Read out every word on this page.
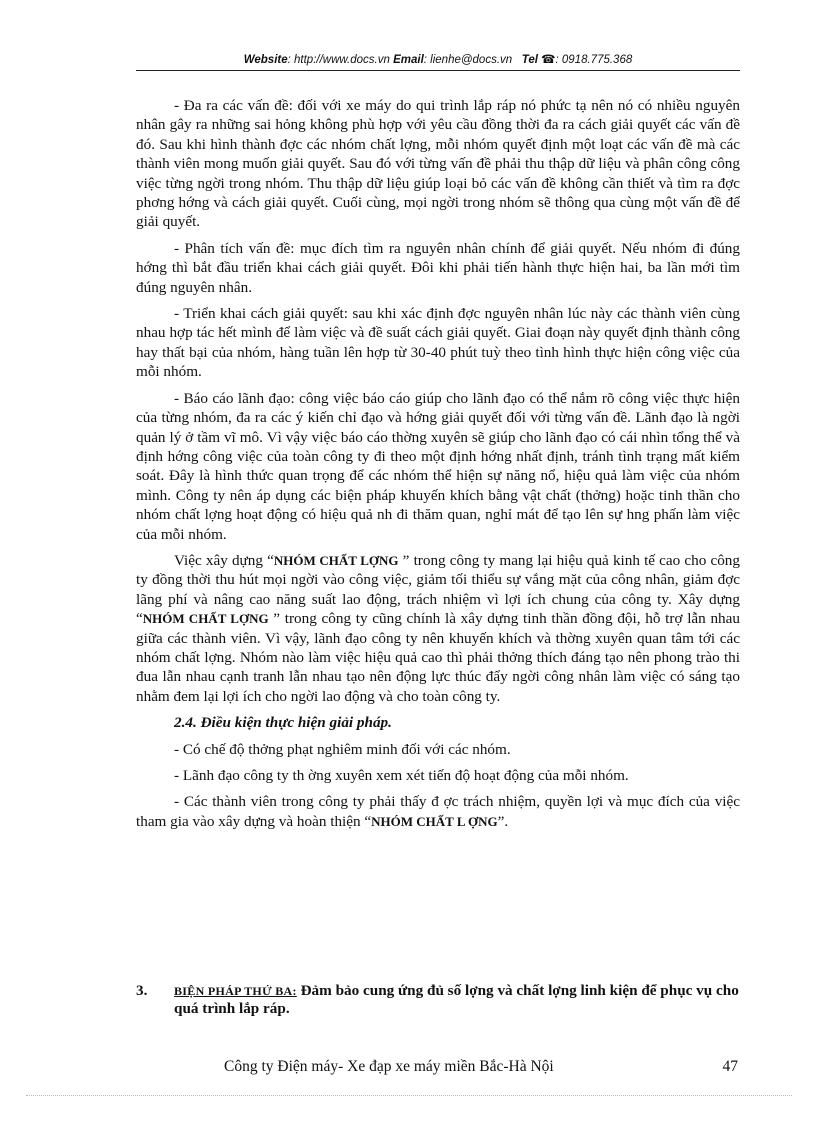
Website: http://www.docs.vn Email: lienhe@docs.vn Tel ☎: 0918.775.368

- Đa ra các vấn đề: đối với xe máy do qui trình lắp ráp nó phức tạ nên nó có nhiều nguyên nhân gây ra những sai hỏng không phù hợp với yêu cầu đồng thời đa ra cách giải quyết các vấn đề đó. Sau khi hình thành đợc các nhóm chất lợng, mỗi nhóm quyết định một loạt các vấn đề mà các thành viên mong muốn giải quyết. Sau đó với từng vấn đề phải thu thập dữ liệu và phân công công việc từng ngời trong nhóm. Thu thập dữ liệu giúp loại bỏ các vấn đề không cần thiết và tìm ra đợc phơng hớng và cách giải quyết. Cuối cùng, mọi ngời trong nhóm sẽ thông qua cùng một vấn đề để giải quyết.

- Phân tích vấn đề: mục đích tìm ra nguyên nhân chính để giải quyết. Nếu nhóm đi đúng hớng thì bắt đầu triển khai cách giải quyết. Đôi khi phải tiến hành thực hiện hai, ba lần mới tìm đúng nguyên nhân.

- Triển khai cách giải quyết: sau khi xác định đợc nguyên nhân lúc này các thành viên cùng nhau hợp tác hết mình để làm việc và đề suất cách giải quyết. Giai đoạn này quyết định thành công hay thất bại của nhóm, hàng tuần lên hợp từ 30-40 phút tuỳ theo tình hình thực hiện công việc của mỗi nhóm.

- Báo cáo lãnh đạo: công việc báo cáo giúp cho lãnh đạo có thể nắm rõ công việc thực hiện của từng nhóm, đa ra các ý kiến chỉ đạo và hớng giải quyết đối với từng vấn đề. Lãnh đạo là ngời quản lý ở tầm vĩ mô. Vì vậy việc báo cáo thờng xuyên sẽ giúp cho lãnh đạo có cái nhìn tổng thể và định hớng công việc của toàn công ty đi theo một định hớng nhất định, tránh tình trạng mất kiểm soát. Đây là hình thức quan trọng để các nhóm thể hiện sự năng nổ, hiệu quả làm việc của nhóm mình. Công ty nên áp dụng các biện pháp khuyến khích bằng vật chất (thởng) hoặc tinh thần cho nhóm chất lợng hoạt động có hiệu quả nh đi thăm quan, nghỉ mát để tạo lên sự hng phấn làm việc của mỗi nhóm.

Việc xây dựng “NHÓM CHẤT LỢNG ” trong công ty mang lại hiệu quả kinh tế cao cho công ty đồng thời thu hút mọi ngời vào công việc, giảm tối thiểu sự vắng mặt của công nhân, giảm đợc lãng phí và nâng cao năng suất lao động, trách nhiệm vì lợi ích chung của công ty. Xây dựng “NHÓM CHẤT LỢNG ” trong công ty cũng chính là xây dựng tinh thần đồng đội, hỗ trợ lẫn nhau giữa các thành viên. Vì vậy, lãnh đạo công ty nên khuyến khích và thờng xuyên quan tâm tới các nhóm chất lợng. Nhóm nào làm việc hiệu quả cao thì phải thởng thích đáng tạo nên phong trào thi đua lẫn nhau cạnh tranh lẫn nhau tạo nên động lực thúc đẩy ngời công nhân làm việc có sáng tạo nhằm đem lại lợi ích cho ngời lao động và cho toàn công ty.

2.4. Điều kiện thực hiện giải pháp.

- Có chế độ thởng phạt nghiêm minh đối với các nhóm.

- Lãnh đạo công ty th ờng xuyên xem xét tiến độ hoạt động của mỗi nhóm.

- Các thành viên trong công ty phải thấy đ ợc trách nhiệm, quyền lợi và mục đích của việc tham gia vào xây dựng và hoàn thiện “NHÓM CHẤT L ỢNG”.

3. BIỆN PHÁP THỨ BA: Đảm bảo cung ứng đủ số lợng và chất lợng linh kiện để phục vụ cho quá trình lắp ráp.
Công ty Điện máy- Xe đạp xe máy miền Bắc-Hà Nội	47
